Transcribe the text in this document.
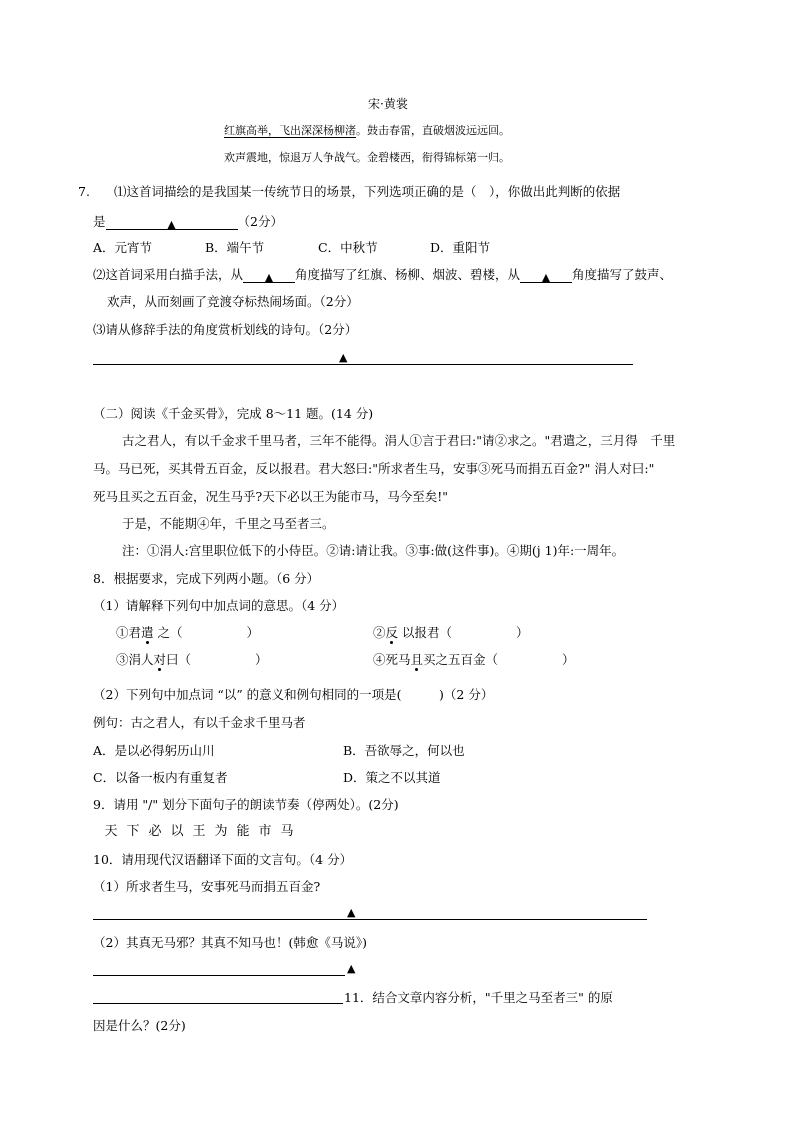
宋·黄裳
红旗高举，飞出深深杨柳渚。鼓击春雷，直破烟波远远回。
欢声震地，惊退万人争战气。金碧楼西，衔得锦标第一归。
7. ⑴这首词描绘的是我国某一传统节日的场景，下列选项正确的是（　），你做出此判断的依据
是	▲	（2分）
A．元宵节	B．端午节	C．中秋节	D．重阳节
⑵这首词采用白描手法，从 ▲ 角度描写了红旗、杨柳、烟波、碧楼，从 ▲ 角度描写了鼓声、
欢声，从而刻画了竞渡夺标热闹场面。（2分）
⑶请从修辞手法的角度赏析划线的诗句。（2分）
▲
（二）阅读《千金买骨》，完成 8～11 题。(14 分)
古之君人，有以千金求千里马者，三年不能得。涓人①言于君曰:"请②求之。"君遣之，三月得　千里
马。马已死，买其骨五百金，反以报君。君大怒曰:"所求者生马，安事③死马而捐五百金?" 涓人对曰:"
死马且买之五百金，况生马乎?天下必以王为能市马，马今至矣!"
于是，不能期④年，千里之马至者三。
注：①涓人:宫里职位低下的小侍臣。②请:请让我。③事:做(这件事)。④期(j 1)年:一周年。
8．根据要求，完成下列两小题。（6 分）
（1）请解释下列句中加点词的意思。（4 分）
①君遣 之（	）	②反 以报君（	）
③涓人对曰（	）	④死马且买之五百金（	）
（2）下列句中加点词 “以” 的意义和例句相同的一项是(　　　)（2 分）
例句：古之君人，有以千金求千里马者
A．是以必得躬历山川	B．吾欲辱之，何以也
C．以备一板内有重复者	D．策之不以其道
9．请用 "/" 划分下面句子的朗读节奏（停两处）。(2分)
天 下 必 以 王 为 能 市 马
10．请用现代汉语翻译下面的文言句。（4 分）
（1）所求者生马，安事死马而捐五百金?
▲
（2）其真无马邪？其真不知马也！(韩愈《马说》)
▲
11．结合文章内容分析，"千里之马至者三" 的原
因是什么？(2分)
